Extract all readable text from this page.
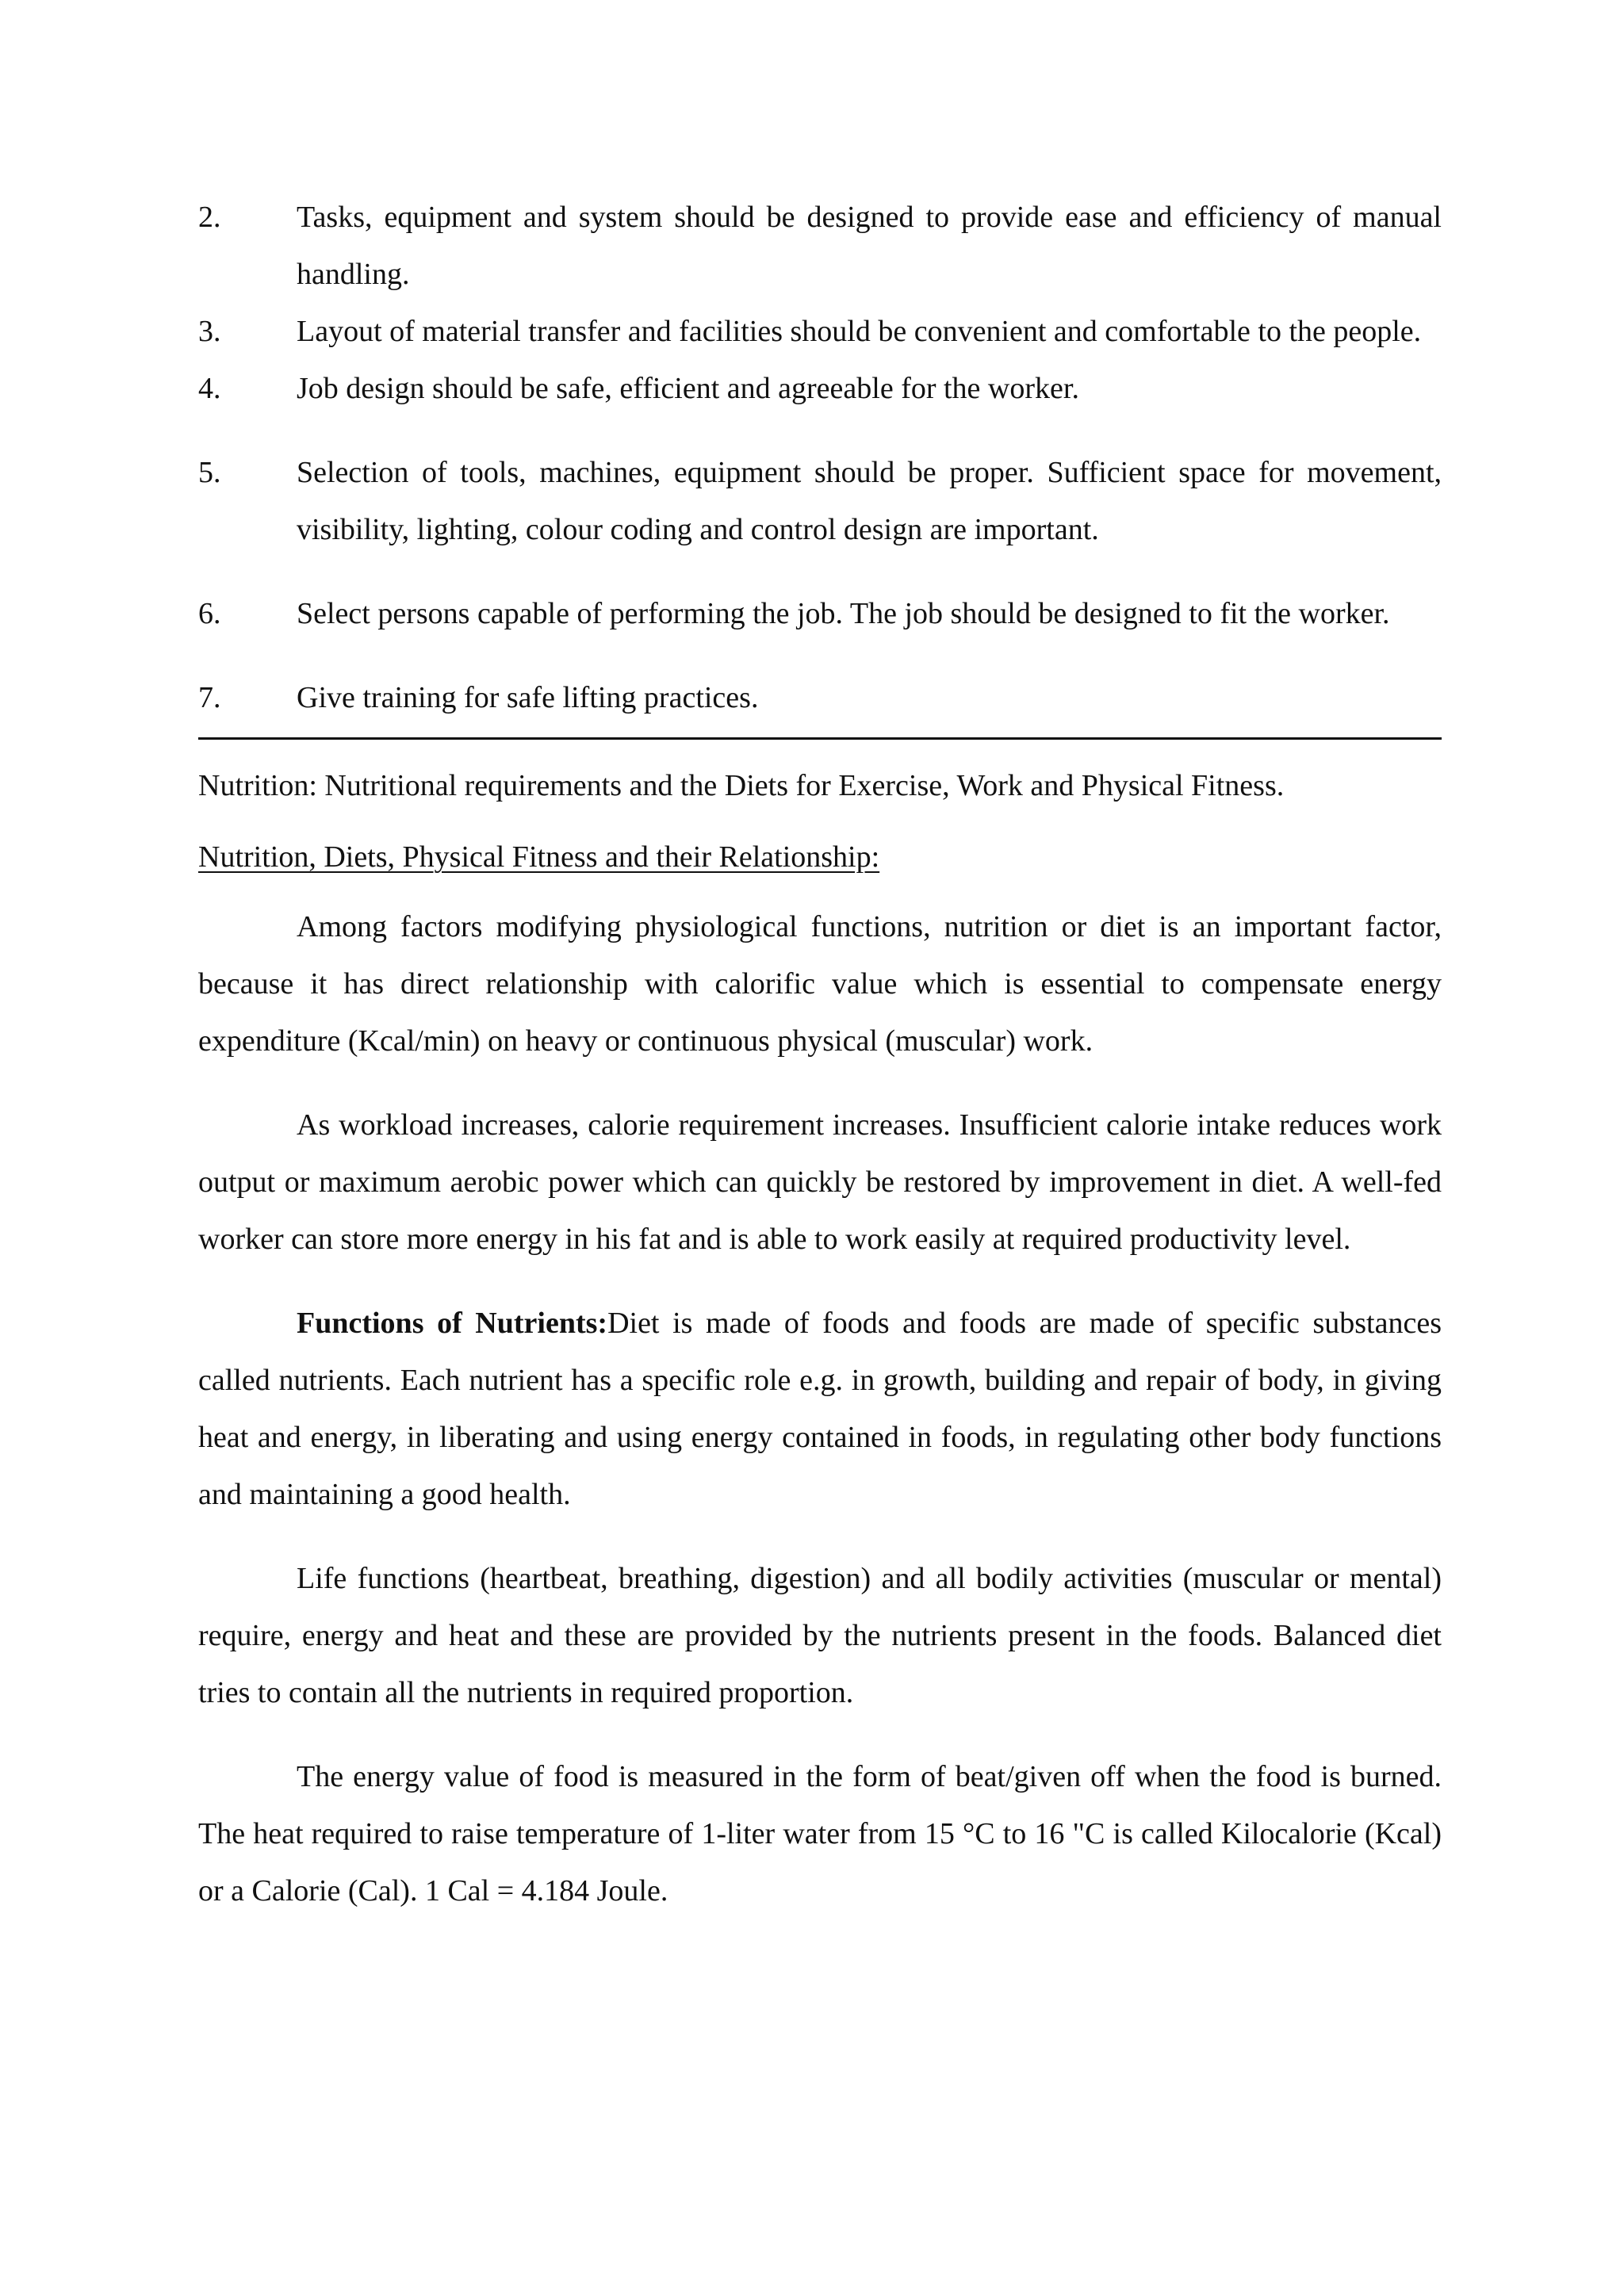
2.	Tasks, equipment and system should be designed to provide ease and efficiency of manual handling.
3.	Layout of material transfer and facilities should be convenient and comfortable to the people.
4.	Job design should be safe, efficient and agreeable for the worker.
5.	Selection of tools, machines, equipment should be proper. Sufficient space for movement, visibility, lighting, colour coding and control design are important.
6.	Select persons capable of performing the job. The job should be designed to fit the worker.
7.	Give training for safe lifting practices.
Nutrition: Nutritional requirements and the Diets for Exercise, Work and Physical Fitness.
Nutrition, Diets, Physical Fitness and their Relationship:
Among factors modifying physiological functions, nutrition or diet is an important factor, because it has direct relationship with calorific value which is essential to compensate energy expenditure (Kcal/min) on heavy or continuous physical (muscular) work.
As workload increases, calorie requirement increases. Insufficient calorie intake reduces work output or maximum aerobic power which can quickly be restored by improvement in diet. A well-fed worker can store more energy in his fat and is able to work easily at required productivity level.
Functions of Nutrients:Diet is made of foods and foods are made of specific substances called nutrients. Each nutrient has a specific role e.g. in growth, building and repair of body, in giving heat and energy, in liberating and using energy contained in foods, in regulating other body functions and maintaining a good health.
Life functions (heartbeat, breathing, digestion) and all bodily activities (muscular or mental) require, energy and heat and these are provided by the nutrients present in the foods. Balanced diet tries to contain all the nutrients in required proportion.
The energy value of food is measured in the form of beat/given off when the food is burned. The heat required to raise temperature of 1-liter water from 15 °C to 16 "C is called Kilocalorie (Kcal) or a Calorie (Cal). 1 Cal = 4.184 Joule.
